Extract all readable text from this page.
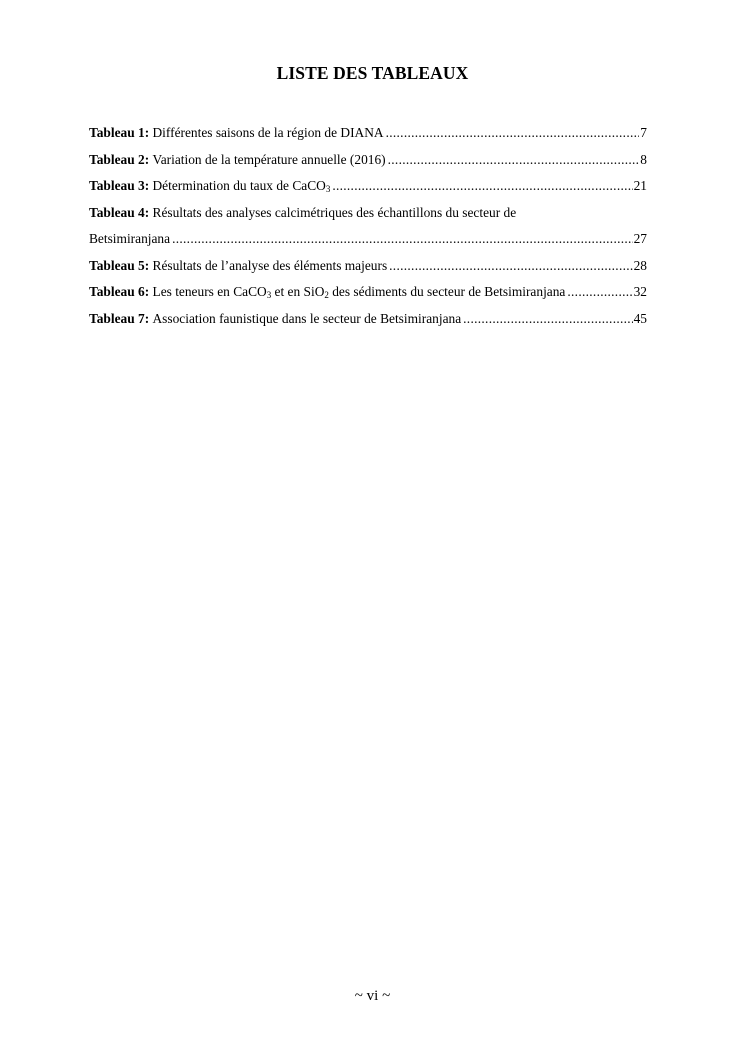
LISTE DES TABLEAUX
Tableau 1:
Différentes saisons de la région de DIANA .....	7
Tableau 2:
Variation de la température annuelle (2016) .....	8
Tableau 3:
Détermination du taux de CaCO$_3$ .....	21
Tableau 4:
Résultats des analyses calcimétriques des échantillons du secteur de
Betsimiranjana .....	27
Tableau 5:
Résultats de l’analyse des éléments majeurs .....	28
Tableau 6:
Les teneurs en CaCO$_3$ et en SiO$_2$ des sédiments du secteur de Betsimiranjana .....	32
Tableau 7:
Association faunistique dans le secteur de Betsimiranjana .....	45
~ vi ~
